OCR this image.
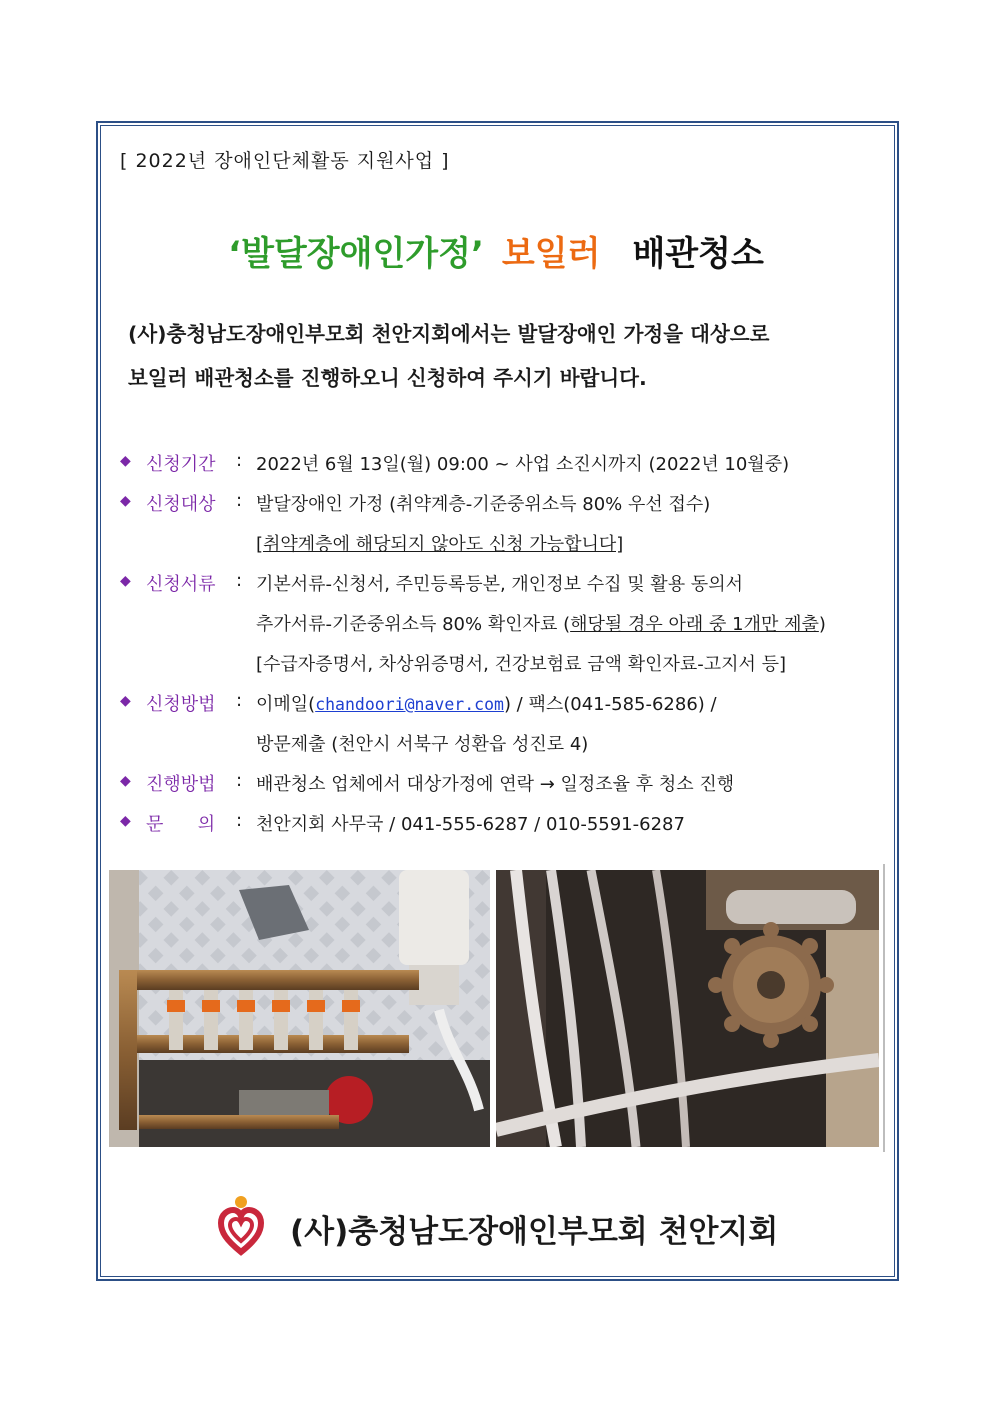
[ 2022년 장애인단체활동 지원사업 ]
‘발달장애인가정’ 보일러 배관청소
(사)충청남도장애인부모회 천안지회에서는 발달장애인 가정을 대상으로
보일러 배관청소를 진행하오니 신청하여 주시기 바랍니다.
◆ 신청기간 : 2022년 6월 13일(월) 09:00 ~ 사업 소진시까지 (2022년 10월중)
◆ 신청대상 : 발달장애인 가정 (취약계층-기준중위소득 80% 우선 접수)
[취약계층에 해당되지 않아도 신청 가능합니다]
◆ 신청서류 : 기본서류-신청서, 주민등록등본, 개인정보 수집 및 활용 동의서
추가서류-기준중위소득 80% 확인자료 (해당될 경우 아래 중 1개만 제출)
[수급자증명서, 차상위증명서, 건강보험료 금액 확인자료-고지서 등]
◆ 신청방법 : 이메일(chandoori@naver.com) / 팩스(041-585-6286) /
방문제출 (천안시 서북구 성환읍 성진로 4)
◆ 진행방법 : 배관청소 업체에서 대상가정에 연락 → 일정조율 후 청소 진행
◆ 문      의 : 천안지회 사무국 / 041-555-6287 / 010-5591-6287
(사)충청남도장애인부모회 천안지회
